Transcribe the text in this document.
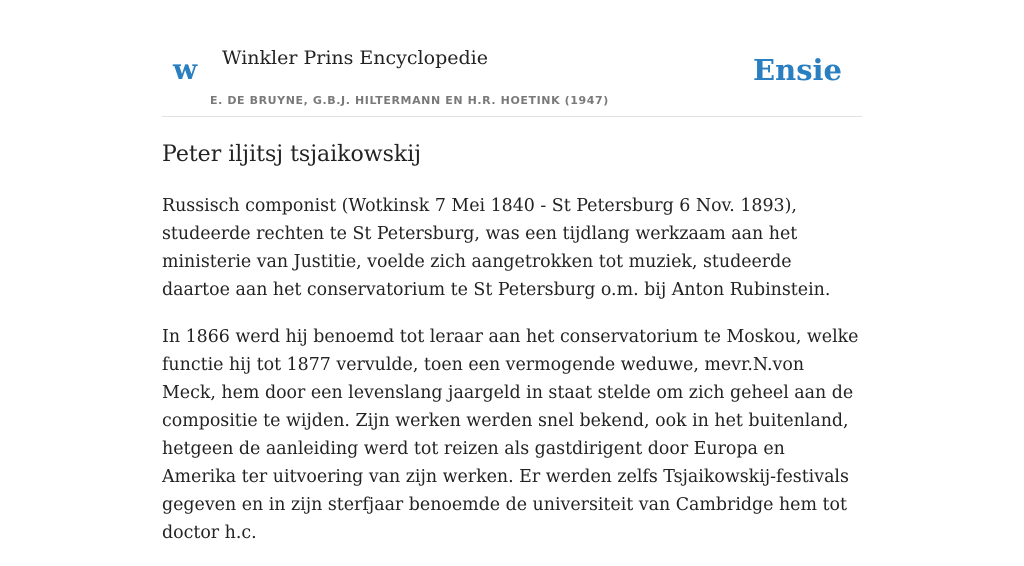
w Winkler Prins Encyclopedie
E. DE BRUYNE, G.B.J. HILTERMANN EN H.R. HOETINK (1947)
Ensie
Peter iljitsj tsjaikowskij

Russisch componist (Wotkinsk 7 Mei 1840 - St Petersburg 6 Nov. 1893), studeerde rechten te St Petersburg, was een tijdlang werkzaam aan het ministerie van Justitie, voelde zich aangetrokken tot muziek, studeerde daartoe aan het conservatorium te St Petersburg o.m. bij Anton Rubinstein.

In 1866 werd hij benoemd tot leraar aan het conservatorium te Moskou, welke functie hij tot 1877 vervulde, toen een vermogende weduwe, mevr.N.von Meck, hem door een levenslang jaargeld in staat stelde om zich geheel aan de compositie te wijden. Zijn werken werden snel bekend, ook in het buitenland, hetgeen de aanleiding werd tot reizen als gastdirigent door Europa en Amerika ter uitvoering van zijn werken. Er werden zelfs Tsjaikowskij-festivals gegeven en in zijn sterfjaar benoemde de universiteit van Cambridge hem tot doctor h.c.
